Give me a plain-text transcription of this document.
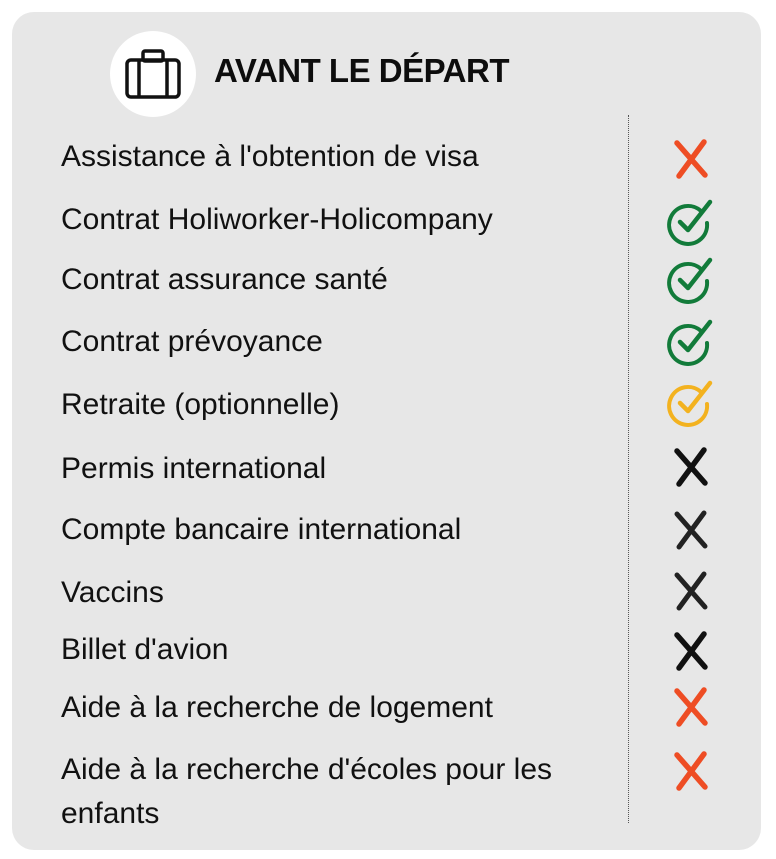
AVANT LE DÉPART
Assistance à l'obtention de visa
Contrat Holiworker-Holicompany
Contrat assurance santé
Contrat prévoyance
Retraite (optionnelle)
Permis international
Compte bancaire international
Vaccins
Billet d'avion
Aide à la recherche de logement
Aide à la recherche d'écoles pour les enfants
